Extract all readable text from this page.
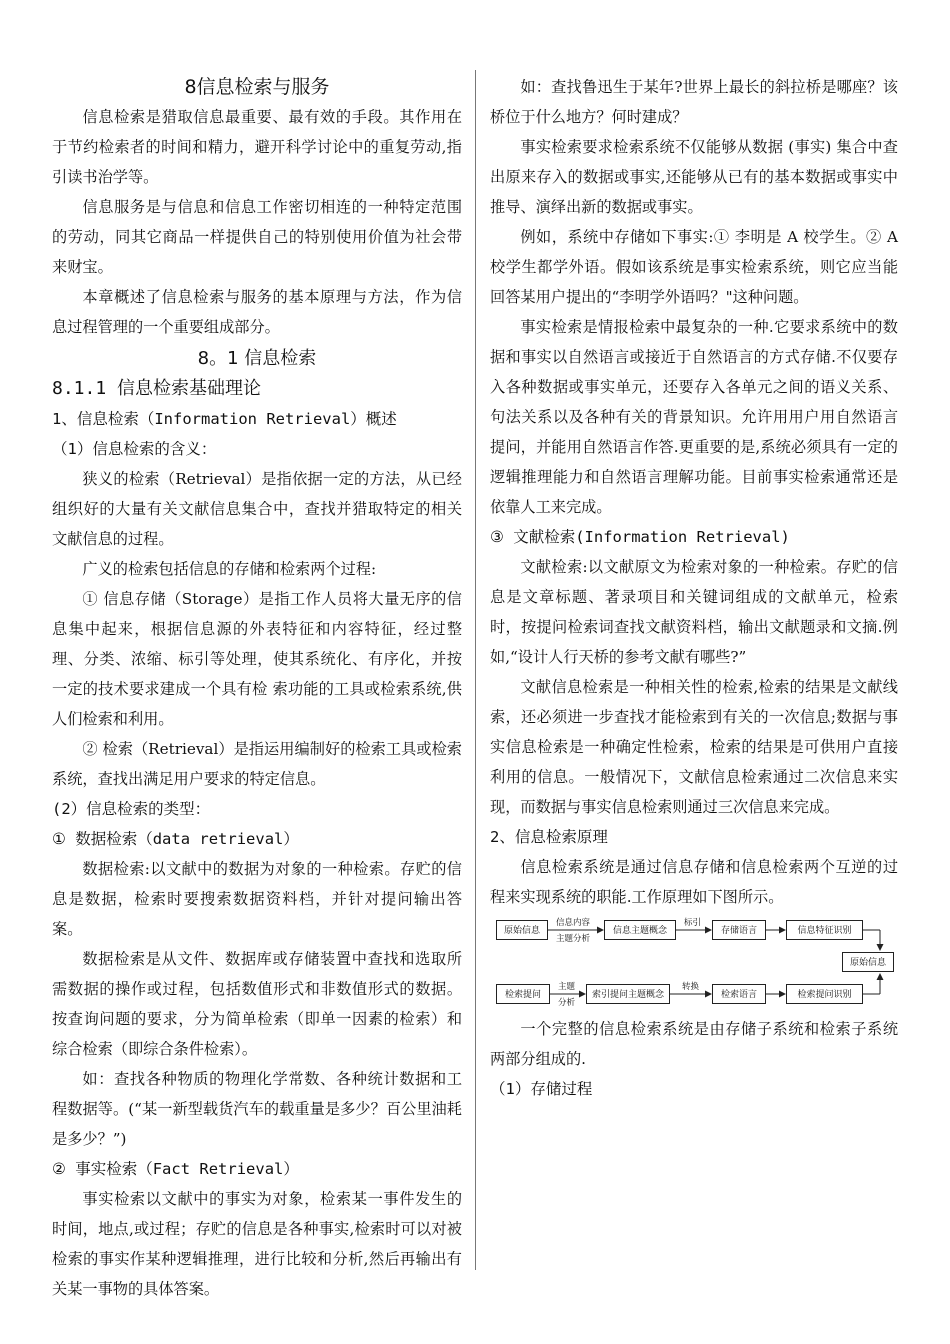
8信息检索与服务

信息检索是猎取信息最重要、最有效的手段。其作用在于节约检索者的时间和精力，避开科学讨论中的重复劳动,指引读书治学等。

信息服务是与信息和信息工作密切相连的一种特定范围的劳动，同其它商品一样提供自己的特别使用价值为社会带来财宝。

本章概述了信息检索与服务的基本原理与方法，作为信息过程管理的一个重要组成部分。

8。1 信息检索

8.1.1 信息检索基础理论

1、信息检索（Information Retrieval）概述

（1）信息检索的含义：

狭义的检索（Retrieval）是指依据一定的方法，从已经组织好的大量有关文献信息集合中，查找并猎取特定的相关文献信息的过程。

广义的检索包括信息的存储和检索两个过程:

① 信息存储（Storage）是指工作人员将大量无序的信息集中起来，根据信息源的外表特征和内容特征，经过整理、分类、浓缩、标引等处理，使其系统化、有序化，并按一定的技术要求建成一个具有检 索功能的工具或检索系统,供人们检索和利用。

② 检索（Retrieval）是指运用编制好的检索工具或检索系统，查找出满足用户要求的特定信息。

(2）信息检索的类型：

① 数据检索（data retrieval）

数据检索:以文献中的数据为对象的一种检索。存贮的信息是数据，检索时要搜索数据资料档，并针对提问输出答案。

数据检索是从文件、数据库或存储装置中查找和选取所需数据的操作或过程，包括数值形式和非数值形式的数据。按查询问题的要求，分为简单检索（即单一因素的检索）和综合检索（即综合条件检索）。

如：查找各种物质的物理化学常数、各种统计数据和工程数据等。(“某一新型载货汽车的载重量是多少？百公里油耗是多少？”)

② 事实检索（Fact Retrieval）

事实检索以文献中的事实为对象，检索某一事件发生的时间，地点,或过程；存贮的信息是各种事实,检索时可以对被检索的事实作某种逻辑推理，进行比较和分析,然后再输出有关某一事物的具体答案。

如：查找鲁迅生于某年?世界上最长的斜拉桥是哪座？该桥位于什么地方？何时建成？

事实检索要求检索系统不仅能够从数据 (事实) 集合中查出原来存入的数据或事实,还能够从已有的基本数据或事实中推导、演绎出新的数据或事实。

例如，系统中存储如下事实:① 李明是 A 校学生。② A 校学生都学外语。假如该系统是事实检索系统，则它应当能回答某用户提出的“李明学外语吗？"这种问题。

事实检索是情报检索中最复杂的一种.它要求系统中的数据和事实以自然语言或接近于自然语言的方式存储.不仅要存入各种数据或事实单元，还要存入各单元之间的语义关系、句法关系以及各种有关的背景知识。允许用用户用自然语言提问，并能用自然语言作答.更重要的是,系统必须具有一定的逻辑推理能力和自然语言理解功能。目前事实检索通常还是依靠人工来完成。

③ 文献检索(Information Retrieval)

文献检索:以文献原文为检索对象的一种检索。存贮的信息是文章标题、著录项目和关键词组成的文献单元，检索时，按提问检索词查找文献资料档，输出文献题录和文摘.例如,“设计人行天桥的参考文献有哪些?”

文献信息检索是一种相关性的检索,检索的结果是文献线索，还必须进一步查找才能检索到有关的一次信息;数据与事实信息检索是一种确定性检索，检索的结果是可供用户直接利用的信息。一般情况下，文献信息检索通过二次信息来实现，而数据与事实信息检索则通过三次信息来完成。

2、信息检索原理

信息检索系统是通过信息存储和信息检索两个互逆的过程来实现系统的职能.工作原理如下图所示。

原始信息	信息主题概念	存储语言	信息特征识别
原始信息
检索提问	索引提问主题概念	检索语言	检索提问识别
信息内容
主题分析
标引
主题
分析
转换

一个完整的信息检索系统是由存储子系统和检索子系统两部分组成的.

（1）存储过程
